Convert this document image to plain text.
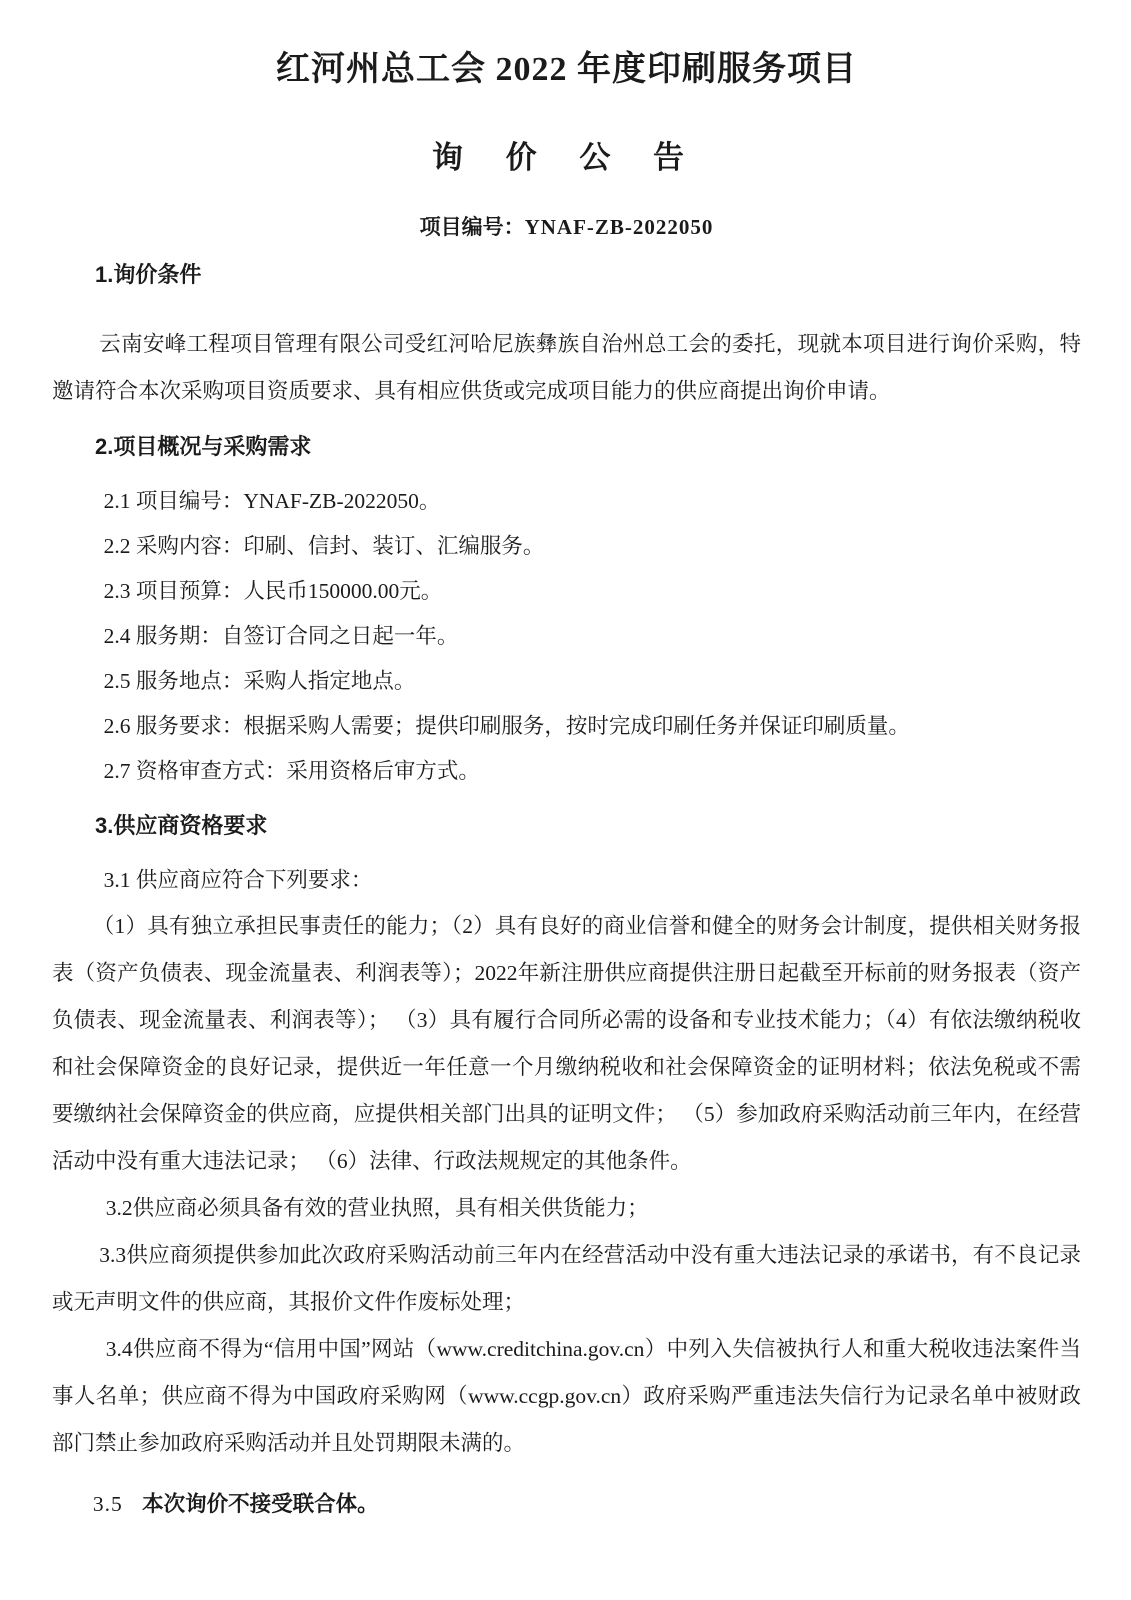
红河州总工会 2022 年度印刷服务项目
询 价 公 告
项目编号：YNAF-ZB-2022050
1.询价条件

云南安峰工程项目管理有限公司受红河哈尼族彝族自治州总工会的委托，现就本项目进行询价采购，特邀请符合本次采购项目资质要求、具有相应供货或完成项目能力的供应商提出询价申请。

2.项目概况与采购需求

2.1 项目编号：YNAF-ZB-2022050。

2.2 采购内容：印刷、信封、装订、汇编服务。

2.3 项目预算：人民币150000.00元。

2.4 服务期：自签订合同之日起一年。

2.5 服务地点：采购人指定地点。

2.6 服务要求：根据采购人需要；提供印刷服务，按时完成印刷任务并保证印刷质量。

2.7 资格审查方式：采用资格后审方式。

3.供应商资格要求

3.1 供应商应符合下列要求：

（1）具有独立承担民事责任的能力；（2）具有良好的商业信誉和健全的财务会计制度，提供相关财务报表（资产负债表、现金流量表、利润表等）；2022年新注册供应商提供注册日起截至开标前的财务报表（资产负债表、现金流量表、利润表等）； （3）具有履行合同所必需的设备和专业技术能力；（4）有依法缴纳税收和社会保障资金的良好记录，提供近一年任意一个月缴纳税收和社会保障资金的证明材料；依法免税或不需要缴纳社会保障资金的供应商，应提供相关部门出具的证明文件； （5）参加政府采购活动前三年内，在经营活动中没有重大违法记录； （6）法律、行政法规规定的其他条件。

3.2供应商必须具备有效的营业执照，具有相关供货能力；

3.3供应商须提供参加此次政府采购活动前三年内在经营活动中没有重大违法记录的承诺书，有不良记录或无声明文件的供应商，其报价文件作废标处理；

3.4供应商不得为“信用中国”网站（www.creditchina.gov.cn）中列入失信被执行人和重大税收违法案件当事人名单；供应商不得为中国政府采购网（www.ccgp.gov.cn）政府采购严重违法失信行为记录名单中被财政部门禁止参加政府采购活动并且处罚期限未满的。

3.5 本次询价不接受联合体。
